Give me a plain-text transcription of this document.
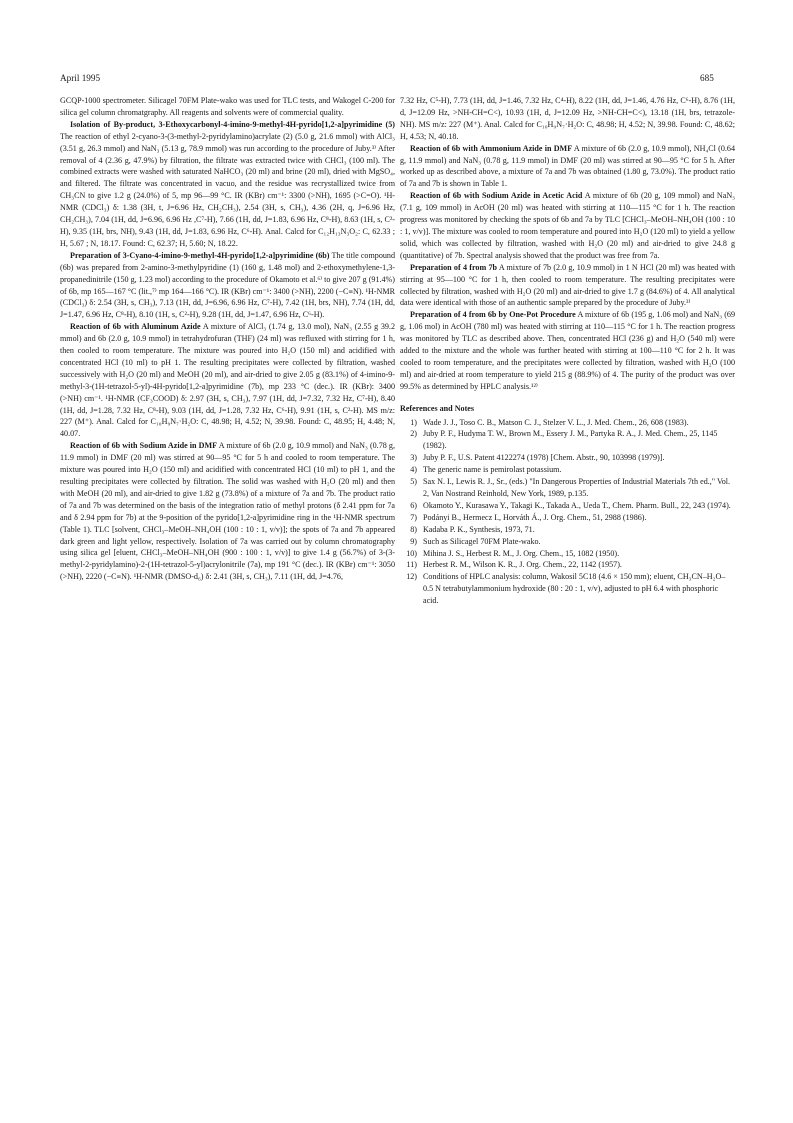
April 1995	685

GCQP-1000 spectrometer. Silicagel 70FM Plate-wako was used for TLC tests, and Wakogel C-200 for silica gel column chromatgraphy. All reagents and solvents were of commercial quality.

Isolation of By-product, 3-Ethoxycarbonyl-4-imino-9-methyl-4H-pyrido[1,2-a]pyrimidine (5) The reaction of ethyl 2-cyano-3-(3-methyl-2-pyridylamino)acrylate (2) (5.0 g, 21.6 mmol) with AlCl₃ (3.51 g, 26.3 mmol) and NaN₃ (5.13 g, 78.9 mmol) was run according to the procedure of Juby.³⁾ After removal of 4 (2.36 g, 47.9%) by filtration, the filtrate was extracted twice with CHCl₃ (100 ml). The combined extracts were washed with saturated NaHCO₃ (20 ml) and brine (20 ml), dried with MgSO₄, and filtered. The filtrate was concentrated in vacuo, and the residue was recrystallized twice from CH₃CN to give 1.2 g (24.0%) of 5, mp 96—99 °C. IR (KBr) cm⁻¹: 3300 (>NH), 1695 (>C=O). ¹H-NMR (CDCl₃) δ: 1.38 (3H, t, J=6.96 Hz, CH₂CH₃), 2.54 (3H, s, CH₃), 4.36 (2H, q, J=6.96 Hz, CH₂CH₃), 7.04 (1H, dd, J=6.96, 6.96 Hz ,C⁷-H), 7.66 (1H, dd, J=1.83, 6.96 Hz, C⁸-H), 8.63 (1H, s, C²-H), 9.35 (1H, brs, NH), 9.43 (1H, dd, J=1.83, 6.96 Hz, C⁶-H). Anal. Calcd for C₁₂H₁₃N₃O₂: C, 62.33 ; H, 5.67 ; N, 18.17. Found: C, 62.37; H, 5.60; N, 18.22.

Preparation of 3-Cyano-4-imino-9-methyl-4H-pyrido[1,2-a]pyrimidine (6b) The title compound (6b) was prepared from 2-amino-3-methylpyridine (1) (160 g, 1.48 mol) and 2-ethoxymethylene-1,3-propanedinitrile (150 g, 1.23 mol) according to the procedure of Okamoto et al.⁶⁾ to give 207 g (91.4%) of 6b, mp 165—167 °C (lit.,⁷⁾ mp 164—166 °C). IR (KBr) cm⁻¹: 3400 (>NH), 2200 (−C≡N). ¹H-NMR (CDCl₃) δ: 2.54 (3H, s, CH₃), 7.13 (1H, dd, J=6.96, 6.96 Hz, C⁷-H), 7.42 (1H, brs, NH), 7.74 (1H, dd, J=1.47, 6.96 Hz, C⁸-H), 8.10 (1H, s, C²-H), 9.28 (1H, dd, J=1.47, 6.96 Hz, C⁶-H).

Reaction of 6b with Aluminum Azide A mixture of AlCl₃ (1.74 g, 13.0 mol), NaN₃ (2.55 g 39.2 mmol) and 6b (2.0 g, 10.9 mmol) in tetrahydrofuran (THF) (24 ml) was refluxed with stirring for 1 h, then cooled to room temperature. The mixture was poured into H₂O (150 ml) and acidified with concentrated HCl (10 ml) to pH 1. The resulting precipitates were collected by filtration, washed successively with H₂O (20 ml) and MeOH (20 ml), and air-dried to give 2.05 g (83.1%) of 4-imino-9-methyl-3-(1H-tetrazol-5-yl)-4H-pyrido[1,2-a]pyrimidine (7b), mp 233 °C (dec.). IR (KBr): 3400 (>NH) cm⁻¹. ¹H-NMR (CF₃COOD) δ: 2.97 (3H, s, CH₃), 7.97 (1H, dd, J=7.32, 7.32 Hz, C⁷-H), 8.40 (1H, dd, J=1.28, 7.32 Hz, C⁸-H), 9.03 (1H, dd, J=1.28, 7.32 Hz, C⁶-H), 9.91 (1H, s, C²-H). MS m/z: 227 (M⁺). Anal. Calcd for C₁₀H₉N₇·H₂O: C, 48.98; H, 4.52; N, 39.98. Found: C, 48.95; H, 4.48; N, 40.07.

Reaction of 6b with Sodium Azide in DMF A mixture of 6b (2.0 g, 10.9 mmol) and NaN₃ (0.78 g, 11.9 mmol) in DMF (20 ml) was stirred at 90—95 °C for 5 h and cooled to room temperature. The mixture was poured into H₂O (150 ml) and acidified with concentrated HCl (10 ml) to pH 1, and the resulting precipitates were collected by filtration. The solid was washed with H₂O (20 ml) and then with MeOH (20 ml), and air-dried to give 1.82 g (73.8%) of a mixture of 7a and 7b. The product ratio of 7a and 7b was determined on the basis of the integration ratio of methyl protons (δ 2.41 ppm for 7a and δ 2.94 ppm for 7b) at the 9-position of the pyrido[1,2-a]pyrimidine ring in the ¹H-NMR spectrum (Table 1). TLC [solvent, CHCl₃–MeOH–NH₄OH (100 : 10 : 1, v/v)]; the spots of 7a and 7b appeared dark green and light yellow, respectively. Isolation of 7a was carried out by column chromatography using silica gel [eluent, CHCl₃–MeOH–NH₄OH (900 : 100 : 1, v/v)] to give 1.4 g (56.7%) of 3-(3-methyl-2-pyridylamino)-2-(1H-tetrazol-5-yl)acrylonitrile (7a), mp 191 °C (dec.). IR (KBr) cm⁻¹: 3050 (>NH), 2220 (−C≡N). ¹H-NMR (DMSO-d₆) δ: 2.41 (3H, s, CH₃), 7.11 (1H, dd, J=4.76,

7.32 Hz, C⁵-H), 7.73 (1H, dd, J=1.46, 7.32 Hz, C⁴-H), 8.22 (1H, dd, J=1.46, 4.76 Hz, C⁶-H), 8.76 (1H, d, J=12.09 Hz, >NH-CH=C<), 10.93 (1H, d, J=12.09 Hz, >NH-CH=C<), 13.18 (1H, brs, tetrazole-NH). MS m/z: 227 (M⁺). Anal. Calcd for C₁₀H₉N₇·H₂O: C, 48.98; H, 4.52; N, 39.98. Found: C, 48.62; H, 4.53; N, 40.18.

Reaction of 6b with Ammonium Azide in DMF A mixture of 6b (2.0 g, 10.9 mmol), NH₄Cl (0.64 g, 11.9 mmol) and NaN₃ (0.78 g, 11.9 mmol) in DMF (20 ml) was stirred at 90—95 °C for 5 h. After worked up as described above, a mixture of 7a and 7b was obtained (1.80 g, 73.0%). The product ratio of 7a and 7b is shown in Table 1.

Reaction of 6b with Sodium Azide in Acetic Acid A mixture of 6b (20 g, 109 mmol) and NaN₃ (7.1 g, 109 mmol) in AcOH (20 ml) was heated with stirring at 110—115 °C for 1 h. The reaction progress was monitored by checking the spots of 6b and 7a by TLC [CHCl₃–MeOH–NH₄OH (100 : 10 : 1, v/v)]. The mixture was cooled to room temperature and poured into H₂O (120 ml) to yield a yellow solid, which was collected by filtration, washed with H₂O (20 ml) and air-dried to give 24.8 g (quantitative) of 7b. Spectral analysis showed that the product was free from 7a.

Preparation of 4 from 7b A mixture of 7b (2.0 g, 10.9 mmol) in 1 N HCl (20 ml) was heated with stirring at 95—100 °C for 1 h, then cooled to room temperature. The resulting precipitates were collected by filtration, washed with H₂O (20 ml) and air-dried to give 1.7 g (84.6%) of 4. All analytical data were identical with those of an authentic sample prepared by the procedure of Juby.³⁾

Preparation of 4 from 6b by One-Pot Procedure A mixture of 6b (195 g, 1.06 mol) and NaN₃ (69 g, 1.06 mol) in AcOH (780 ml) was heated with stirring at 110—115 °C for 1 h. The reaction progress was monitored by TLC as described above. Then, concentrated HCl (236 g) and H₂O (540 ml) were added to the mixture and the whole was further heated with stirring at 100—110 °C for 2 h. It was cooled to room temperature, and the precipitates were collected by filtration, washed with H₂O (100 ml) and air-dried at room temperature to yield 215 g (88.9%) of 4. The purity of the product was over 99.5% as determined by HPLC analysis.¹²⁾

References and Notes
1) Wade J. J., Toso C. B., Matson C. J., Stelzer V. L., J. Med. Chem., 26, 608 (1983).
2) Juby P. F., Hudyma T. W., Brown M., Essery J. M., Partyka R. A., J. Med. Chem., 25, 1145 (1982).
3) Juby P. F., U.S. Patent 4122274 (1978) [Chem. Abstr., 90, 103998 (1979)].
4) The generic name is pemirolast potassium.
5) Sax N. I., Lewis R. J., Sr., (eds.) "In Dangerous Properties of Industrial Materials 7th ed.," Vol. 2, Van Nostrand Reinhold, New York, 1989, p.135.
6) Okamoto Y., Kurasawa Y., Takagi K., Takada A., Ueda T., Chem. Pharm. Bull., 22, 243 (1974).
7) Podányi B., Hermecz I., Horváth Á., J. Org. Chem., 51, 2988 (1986).
8) Kadaba P. K., Synthesis, 1973, 71.
9) Such as Silicagel 70FM Plate-wako.
10) Mihina J. S., Herbest R. M., J. Org. Chem., 15, 1082 (1950).
11) Herbest R. M., Wilson K. R., J. Org. Chem., 22, 1142 (1957).
12) Conditions of HPLC analysis: column, Wakosil 5C18 (4.6 × 150 mm); eluent, CH₃CN–H₂O–0.5 N tetrabutylammonium hydroxide (80 : 20 : 1, v/v), adjusted to pH 6.4 with phosphoric acid.
